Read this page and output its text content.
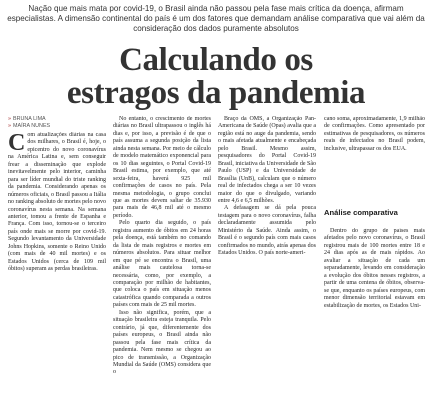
Nação que mais mata por covid-19, o Brasil ainda não passou pela fase mais crítica da doença, afirmam especialistas. A dimensão continental do país é um dos fatores que demandam análise comparativa que vai além da consideração dos dados puramente absolutos
Calculando os
estragos da pandemia
» BRUNA LIMA
» MAÍRA NUNES

Com atualizações diárias na casa dos milhares, o Brasil é, hoje, o epicentro do novo coronavírus na América Latina e, sem conseguir frear a disseminação que explode inevitavelmente pelo interior, caminha para ser líder mundial do triste ranking da pandemia. Considerando apenas os números oficiais, o Brasil passou a Itália no ranking absoluto de mortes pelo novo coronavírus nesta semana. Na semana anterior, tomou a frente de Espanha e França. Com isso, tornou-se o terceiro país onde mais se morre por covid-19. Segundo levantamento da Universidade Johns Hopkins, somente o Reino Unido (com mais de 40 mil mortes) e os Estados Unidos (cerca de 109 mil óbitos) superam as perdas brasileiras.

No entanto, o crescimento de mortes diárias no Brasil ultrapassou o inglês há dias e, por isso, a previsão é de que o país assuma a segunda posição da lista ainda nesta semana. Por meio de cálculo de modelo matemático exponencial para os 10 dias seguintes, o Portal Covid-19 Brasil estima, por exemplo, que até sexta-feira, haverá 925 mil confirmações de casos no país. Pela mesma metodologia, o grupo conclui que as mortes devem saltar de 35.930 para mais de 46,8 mil até o mesmo período.

Pelo quarto dia seguido, o país registra aumento de óbitos em 24 horas pela doença, está também no comando da lista de mais registros e mortes em números absolutos. Para situar melhor em que pé se encontra o Brasil, uma análise mais cautelosa torna-se necessária, como, por exemplo, a comparação por milhão de habitantes, que coloca o país em situação menos catastrófica quando comparada a outros países com mais de 25 mil mortes.

Isso não significa, porém, que a situação brasileira esteja tranquila. Pelo contrário, já que, diferentemente dos países europeus, o Brasil ainda não passou pela fase mais crítica da pandemia. Nem mesmo se chegou ao pico de transmissão, a Organização Mundial da Saúde (OMS) considera que o

Braço da OMS, a Organização Pan-Americana de Saúde (Opas) avalia que a região está no auge da pandemia, sendo o mais afetada atualmente e encabeçada pelo Brasil. Mesmo assim, pesquisadores do Portal Covid-19 Brasil, iniciativa da Universidade de São Paulo (USP) e da Universidade de Brasília (UnB), calculam que o número real de infectados chega a ser 10 vezes maior do que o divulgado, variando entre 4,6 e 6,5 milhões.

A defasagem se dá pela pouca testagem para o novo coronavírus, falha declaradamente assumida pelo Ministério da Saúde. Ainda assim, o Brasil é o segundo país com mais casos confirmados no mundo, atrás apenas dos Estados Unidos. O país norte-ameri-

cano soma, aproximadamente, 1,9 milhão de confirmações. Como apresentado por estimativas de pesquisadores, os números reais de infectados no Brasil podem, inclusive, ultrapassar os dos EUA.

Análise comparativa

Dentro do grupo de países mais afetados pelo novo coronavírus, o Brasil registrou mais de 100 mortes entre 18 e 24 dias após as de mais rápidos. Ao avaliar a situação de cada um separadamente, levando em consideração a evolução dos óbitos nesses registros, a partir de uma centena de óbitos, observa-se que, enquanto os países europeus, com menor dimensão territorial estavam em estabilização de mortes, os Estados Uni-
